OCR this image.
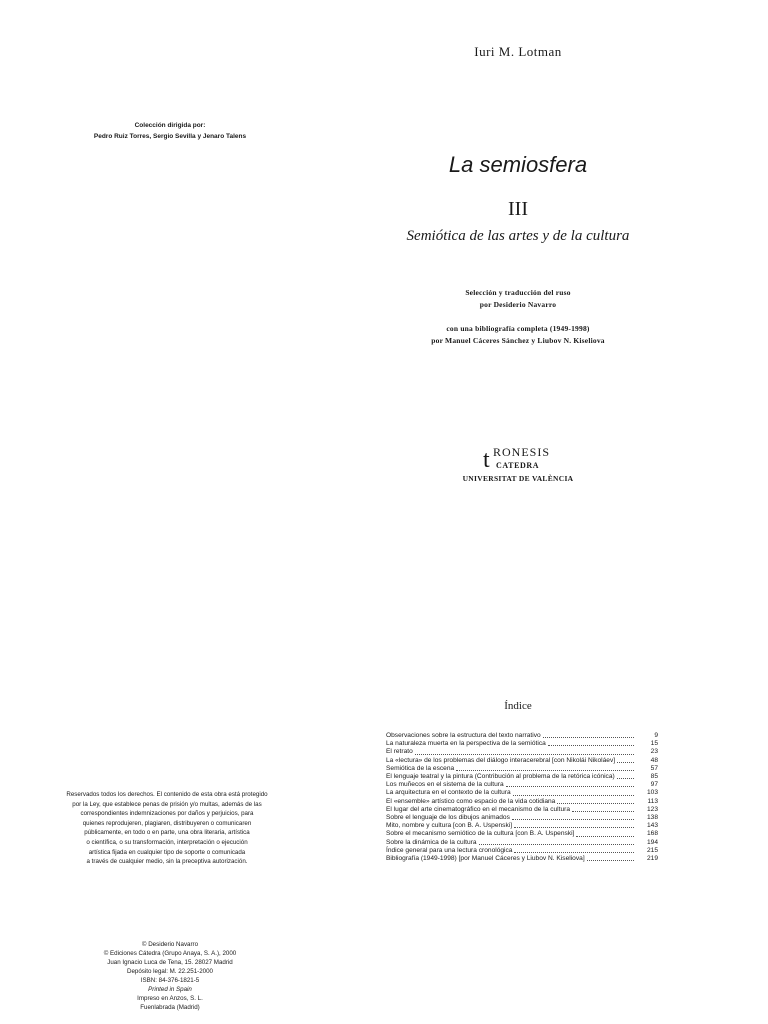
Colección dirigida por:
Pedro Ruiz Torres, Sergio Sevilla y Jenaro Talens
Reservados todos los derechos. El contenido de esta obra está protegido
por la Ley, que establece penas de prisión y/o multas, además de las
correspondientes indemnizaciones por daños y perjuicios, para
quienes reprodujeren, plagiaren, distribuyeren o comunicaren
públicamente, en todo o en parte, una obra literaria, artística
o científica, o su transformación, interpretación o ejecución
artística fijada en cualquier tipo de soporte o comunicada
a través de cualquier medio, sin la preceptiva autorización.
© Desiderio Navarro
© Ediciones Cátedra (Grupo Anaya, S. A.), 2000
Juan Ignacio Luca de Tena, 15. 28027 Madrid
Depósito legal: M. 22.251-2000
ISBN: 84-376-1821-5
Printed in Spain
Impreso en Anzos, S. L.
Fuenlabrada (Madrid)
Iuri M. Lotman
La semiosfera
III
Semiótica de las artes y de la cultura
Selección y traducción del ruso
por Desiderio Navarro
con una bibliografía completa (1949-1998)
por Manuel Cáceres Sánchez y Liubov N. Kiseliova
t RONESIS
CATEDRA
UNIVERSITAT DE VALÈNCIA
Índice
Observaciones sobre la estructura del texto narrativo	9
La naturaleza muerta en la perspectiva de la semiótica	15
El retrato	23
La «lectura» de los problemas del diálogo interacerebral [con Nikolái Nikoláev]	48
Semiótica de la escena	57
El lenguaje teatral y la pintura (Contribución al problema de la retórica icónica)	85
Los muñecos en el sistema de la cultura	97
La arquitectura en el contexto de la cultura	103
El «ensemble» artístico como espacio de la vida cotidiana	113
El lugar del arte cinematográfico en el mecanismo de la cultura	123
Sobre el lenguaje de los dibujos animados	138
Mito, nombre y cultura [con B. A. Uspenski]	143
Sobre el mecanismo semiótico de la cultura [con B. A. Uspenski]	168
Sobre la dinámica de la cultura	194
Índice general para una lectura cronológica	215
Bibliografía (1949-1998) [por Manuel Cáceres y Liubov N. Kiseliova]	219
